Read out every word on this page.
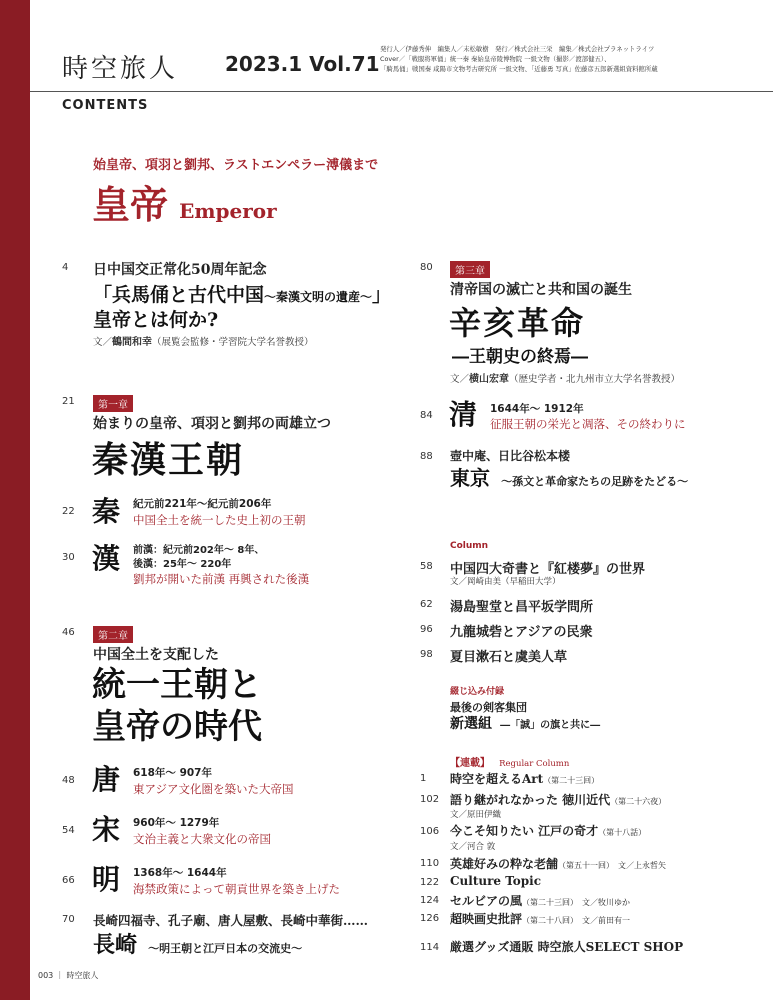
時空旅人 2023.1 Vol.71
発行人／伊藤秀伸　編集人／末松敏樹　発行／株式会社三栄　編集／株式会社プラネットライツ
Cover／「戦服将軍俑」統一秦 秦始皇帝陵博物院 一級文物（撮影／渡部健五）、
「騎馬俑」戦国秦 咸陽市文物考古研究所 一級文物、「近藤勇 写真」佐藤彦五郎新選組資料館所蔵
CONTENTS
始皇帝、項羽と劉邦、ラストエンペラー溥儀まで
皇帝 Emperor
4 日中国交正常化50周年記念
「兵馬俑と古代中国〜秦漢文明の遺産〜」
皇帝とは何か?
文／鶴間和幸（展覧会監修・学習院大学名誉教授）
21	第一章
始まりの皇帝、項羽と劉邦の両雄立つ
秦漢王朝
22 秦 紀元前221年～紀元前206年
中国全土を統一した史上初の王朝
30 漢 前漢：紀元前202年～ 8年、
後漢：25年～ 220年
劉邦が開いた前漢 再興された後漢
46	第二章
中国全土を支配した
統一王朝と
皇帝の時代
48 唐 618年～ 907年
東アジア文化圏を築いた大帝国
54 宋 960年～ 1279年
文治主義と大衆文化の帝国
66 明 1368年～ 1644年
海禁政策によって朝貢世界を築き上げた
70 長崎四福寺、孔子廟、唐人屋敷、長崎中華街……
長崎 〜明王朝と江戸日本の交流史〜
80	第三章
清帝国の滅亡と共和国の誕生
辛亥革命
―王朝史の終焉―
文／横山宏章（歴史学者・北九州市立大学名誉教授）
84 清 1644年～ 1912年
征服王朝の栄光と凋落、その終わりに
88 壺中庵、日比谷松本楼
東京 〜孫文と革命家たちの足跡をたどる〜
Column
58 中国四大奇書と『紅楼夢』の世界
文／岡崎由美（早稲田大学）
62 湯島聖堂と昌平坂学問所
96 九龍城砦とアジアの民衆
98 夏目漱石と虞美人草
綴じ込み付録
最後の剣客集団
新選組 ―「誠」の旗と共に―
【連載】 Regular Column
1 時空を超えるArt（第二十三回）
102 語り継がれなかった 徳川近代（第二十六夜）
文／原田伊織
106 今こそ知りたい 江戸の奇才（第十八話）
文／河合 敦
110 英雄好みの粋な老舗（第五十一回）　文／上永哲矢
122 Culture Topic
124 セルビアの風（第二十三回）　文／牧川ゆか
126 超映画史批評（第二十八回）　文／前田有一
114 厳選グッズ通販 時空旅人SELECT SHOP
003 ｜ 時空旅人
